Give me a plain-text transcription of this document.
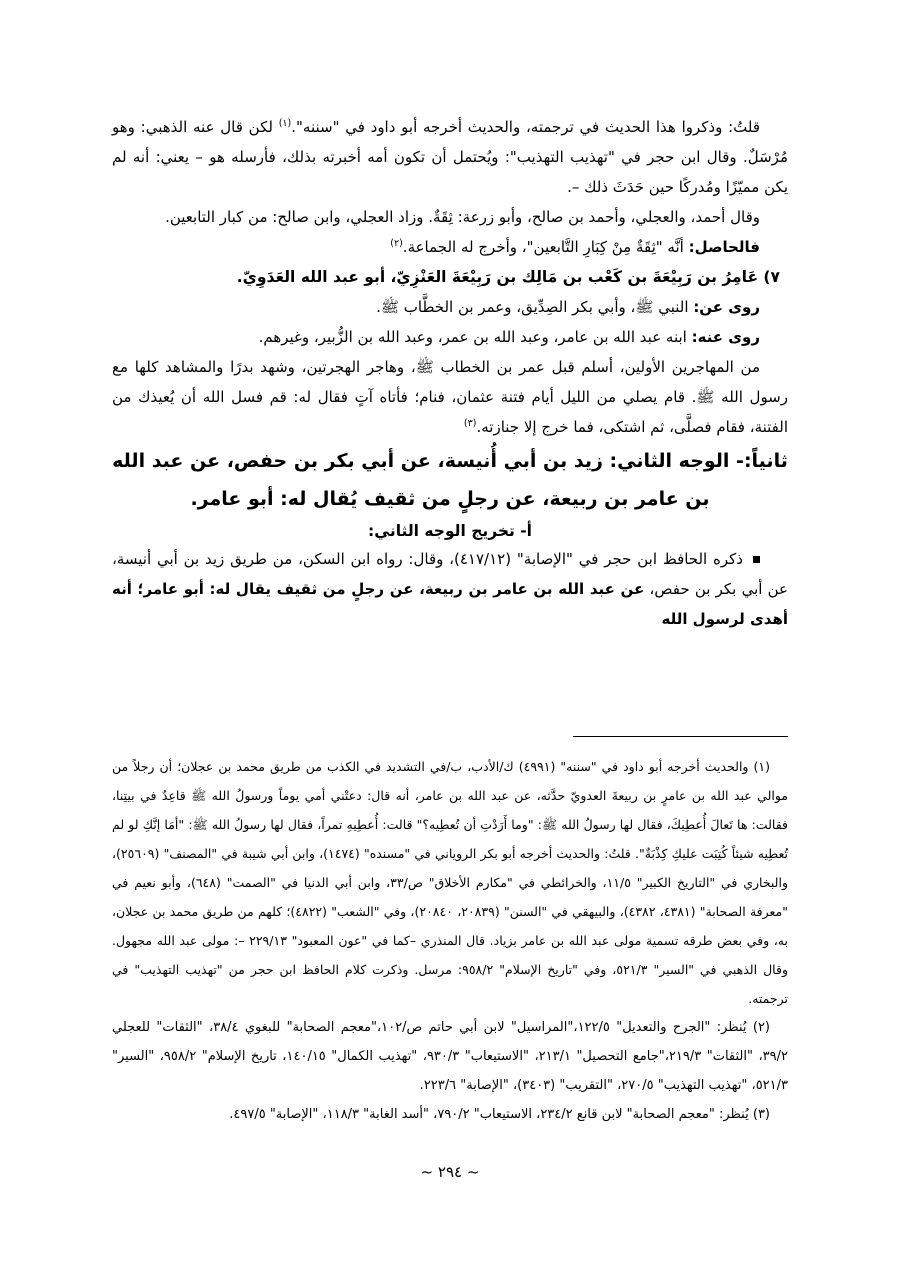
قلتُ: وذكروا هذا الحديث في ترجمته، والحديث أخرجه أبو داود في "سننه".$^{(١)}$ لكن قال عنه الذهبي: وهو مُرْسَلٌ. وقال ابن حجر في "تهذيب التهذيب": ويُحتمل أن تكون أمه أخبرته بذلك، فأرسله هو – يعني: أنه لم يكن مميّزًا ومُدركًا حين حَدَثَ ذلك –.

وقال أحمد، والعجلي، وأحمد بن صالح، وأبو زرعة: ثِقَةٌ. وزاد العجلي، وابن صالح: من كبار التابعين.

فالحاصل: أنَّه "ثِقَةٌ مِنْ كِبَارِ التَّابعين"، وأخرج له الجماعة.$^{(٢)}$

٧) عَامِرُ بن رَبِيْعَةَ بن كَعْب بن مَالِك بن رَبِيْعَةَ العَنْزِيّ، أبو عبد الله العَدَوِيّ.

روى عن: النبي ﷺ، وأبي بكر الصِدِّيق، وعمر بن الخطَّاب ﷺ.

روى عنه: ابنه عبد الله بن عامر، وعبد الله بن عمر، وعبد الله بن الزُّبير، وغيرهم.

من المهاجرين الأولين، أسلم قبل عمر بن الخطاب ﷺ، وهاجر الهجرتين، وشهد بدرًا والمشاهد كلها مع رسول الله ﷺ. قام يصلي من الليل أيام فتنة عثمان، فنام؛ فأتاه آتٍ فقال له: قم فسل الله أن يُعيذك من الفتنة، فقام فصلَّى، ثم اشتكى، فما خرج إلا جنازته.$^{(٣)}$

ثانياً:- الوجه الثاني: زيد بن أبي أُنيسة، عن أبي بكر بن حفص، عن عبد الله بن عامر بن ربيعة، عن رجلٍ من ثقيف يُقال له: أبو عامر.

أ- تخريج الوجه الثاني:

ذكره الحافظ ابن حجر في "الإصابة" (٤١٧/١٢)، وقال: رواه ابن السكن، من طريق زيد بن أبي أنيسة، عن أبي بكر بن حفص، عن عبد الله بن عامر بن ربيعة، عن رجلٍ من ثقيف يقال له: أبو عامر؛ أنه أهدى لرسول الله

(١) والحديث أخرجه أبو داود في "سننه" (٤٩٩١) ك/الأدب، ب/في التشديد في الكذب من طريق محمد بن عجلان؛ أن رجلاً من موالي عبد الله بن عامرٍ بن ربيعةَ العدويّ حدَّثه، عن عبد الله بن عامر، أنه قال: دعتْني أمي يوماً ورسولُ الله ﷺ قاعِدٌ في بيتِنا، فقالت: ها تَعالَ أُعطِيكَ، فقال لها رسولُ الله ﷺ: "وما أَرَدْتِ أن تُعطِيه؟" قالت: أُعطِيهِ تمراً، فقال لها رسولُ الله ﷺ: "أمَا إنَّكِ لو لم تُعطِيه شيئاً كُتِبَت عليكِ كِذْبَةٌ". قلتُ: والحديث أخرجه أبو بكر الروياني في "مسنده" (١٤٧٤)، وابن أبي شيبة في "المصنف" (٢٥٦٠٩)، والبخاري في "التاريخ الكبير" ١١/٥، والخرائطي في "مكارم الأخلاق" ص/٣٣، وابن أبي الدنيا في "الصمت" (٦٤٨)، وأبو نعيم في "معرفة الصحابة" (٤٣٨١، ٤٣٨٢)، والبيهقي في "السنن" (٢٠٨٣٩، ٢٠٨٤٠)، وفي "الشعب" (٤٨٢٢)؛ كلهم من طريق محمد بن عجلان، به، وفي بعض طرقه تسمية مولى عبد الله بن عامر بزياد. قال المنذري –كما في "عون المعبود" ٢٢٩/١٣ –: مولى عبد الله مجهول. وقال الذهبي في "السير" ٥٢١/٣، وفي "تاريخ الإسلام" ٩٥٨/٢: مرسل. وذكرت كلام الحافظ ابن حجر من "تهذيب التهذيب" في ترجمته.

(٢) يُنظر: "الجرح والتعديل" ١٢٢/٥،"المراسيل" لابن أبي حاتم ص/١٠٢،"معجم الصحابة" للبغوي ٣٨/٤، "الثقات" للعجلي ٣٩/٢، "الثقات" ٢١٩/٣،"جامع التحصيل" ٢١٣/١، "الاستيعاب" ٩٣٠/٣، "تهذيب الكمال" ١٤٠/١٥، تاريخ الإسلام" ٩٥٨/٢، "السير" ٥٢١/٣، "تهذيب التهذيب" ٢٧٠/٥، "التقريب" (٣٤٠٣)، "الإصابة" ٢٢٣/٦.

(٣) يُنظر: "معجم الصحابة" لابن قانع ٢٣٤/٢، الاستيعاب" ٧٩٠/٢، "أسد الغابة" ١١٨/٣، "الإصابة" ٤٩٧/٥.

~ ٢٩٤ ~
